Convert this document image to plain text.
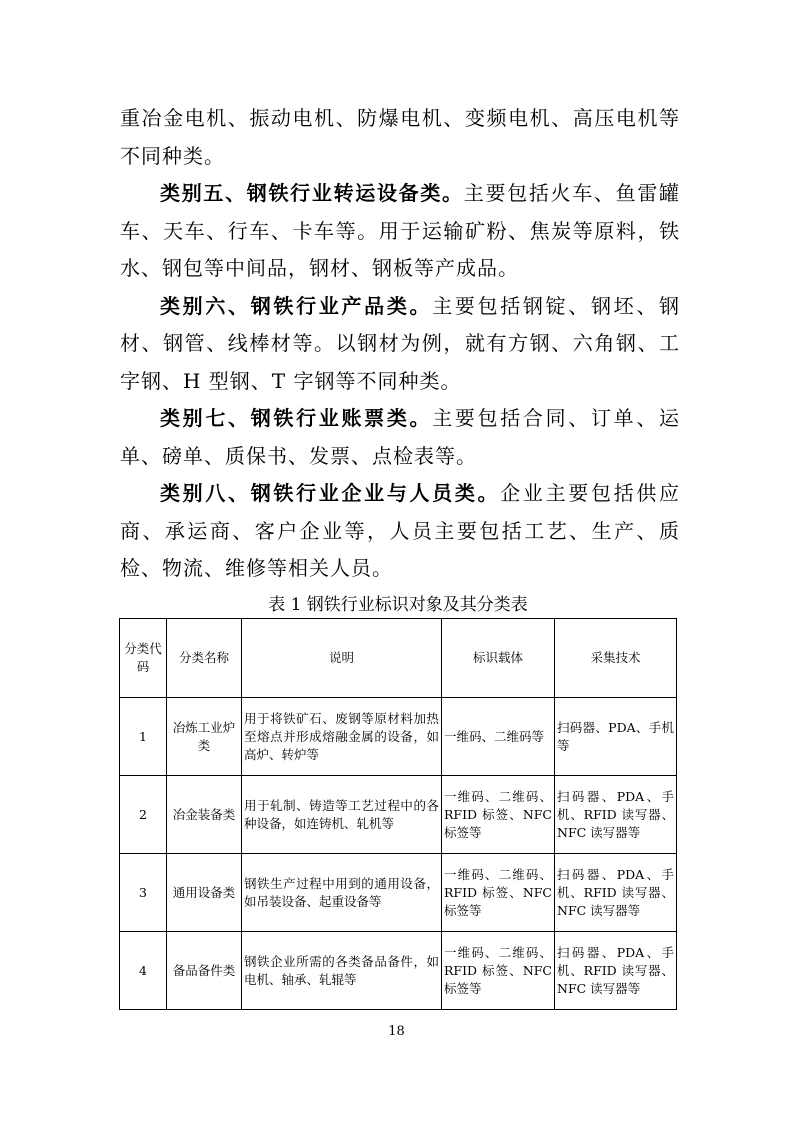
重冶金电机、振动电机、防爆电机、变频电机、高压电机等不同种类。

类别五、钢铁行业转运设备类。主要包括火车、鱼雷罐车、天车、行车、卡车等。用于运输矿粉、焦炭等原料，铁水、钢包等中间品，钢材、钢板等产成品。

类别六、钢铁行业产品类。主要包括钢锭、钢坯、钢材、钢管、线棒材等。以钢材为例，就有方钢、六角钢、工字钢、H 型钢、T 字钢等不同种类。

类别七、钢铁行业账票类。主要包括合同、订单、运单、磅单、质保书、发票、点检表等。

类别八、钢铁行业企业与人员类。企业主要包括供应商、承运商、客户企业等，人员主要包括工艺、生产、质检、物流、维修等相关人员。

表 1 钢铁行业标识对象及其分类表
分类代码	分类名称	说明	标识载体	采集技术
1	冶炼工业炉类	用于将铁矿石、废钢等原材料加热至熔点并形成熔融金属的设备，如高炉、转炉等	一维码、二维码等	扫码器、PDA、手机等
2	冶金装备类	用于轧制、铸造等工艺过程中的各种设备，如连铸机、轧机等	一维码、二维码、RFID 标签、NFC 标签等	扫码器、PDA、手机、RFID 读写器、NFC 读写器等
3	通用设备类	钢铁生产过程中用到的通用设备，如吊装设备、起重设备等	一维码、二维码、RFID 标签、NFC 标签等	扫码器、PDA、手机、RFID 读写器、NFC 读写器等
4	备品备件类	钢铁企业所需的各类备品备件，如电机、轴承、轧辊等	一维码、二维码、RFID 标签、NFC 标签等	扫码器、PDA、手机、RFID 读写器、NFC 读写器等
18
